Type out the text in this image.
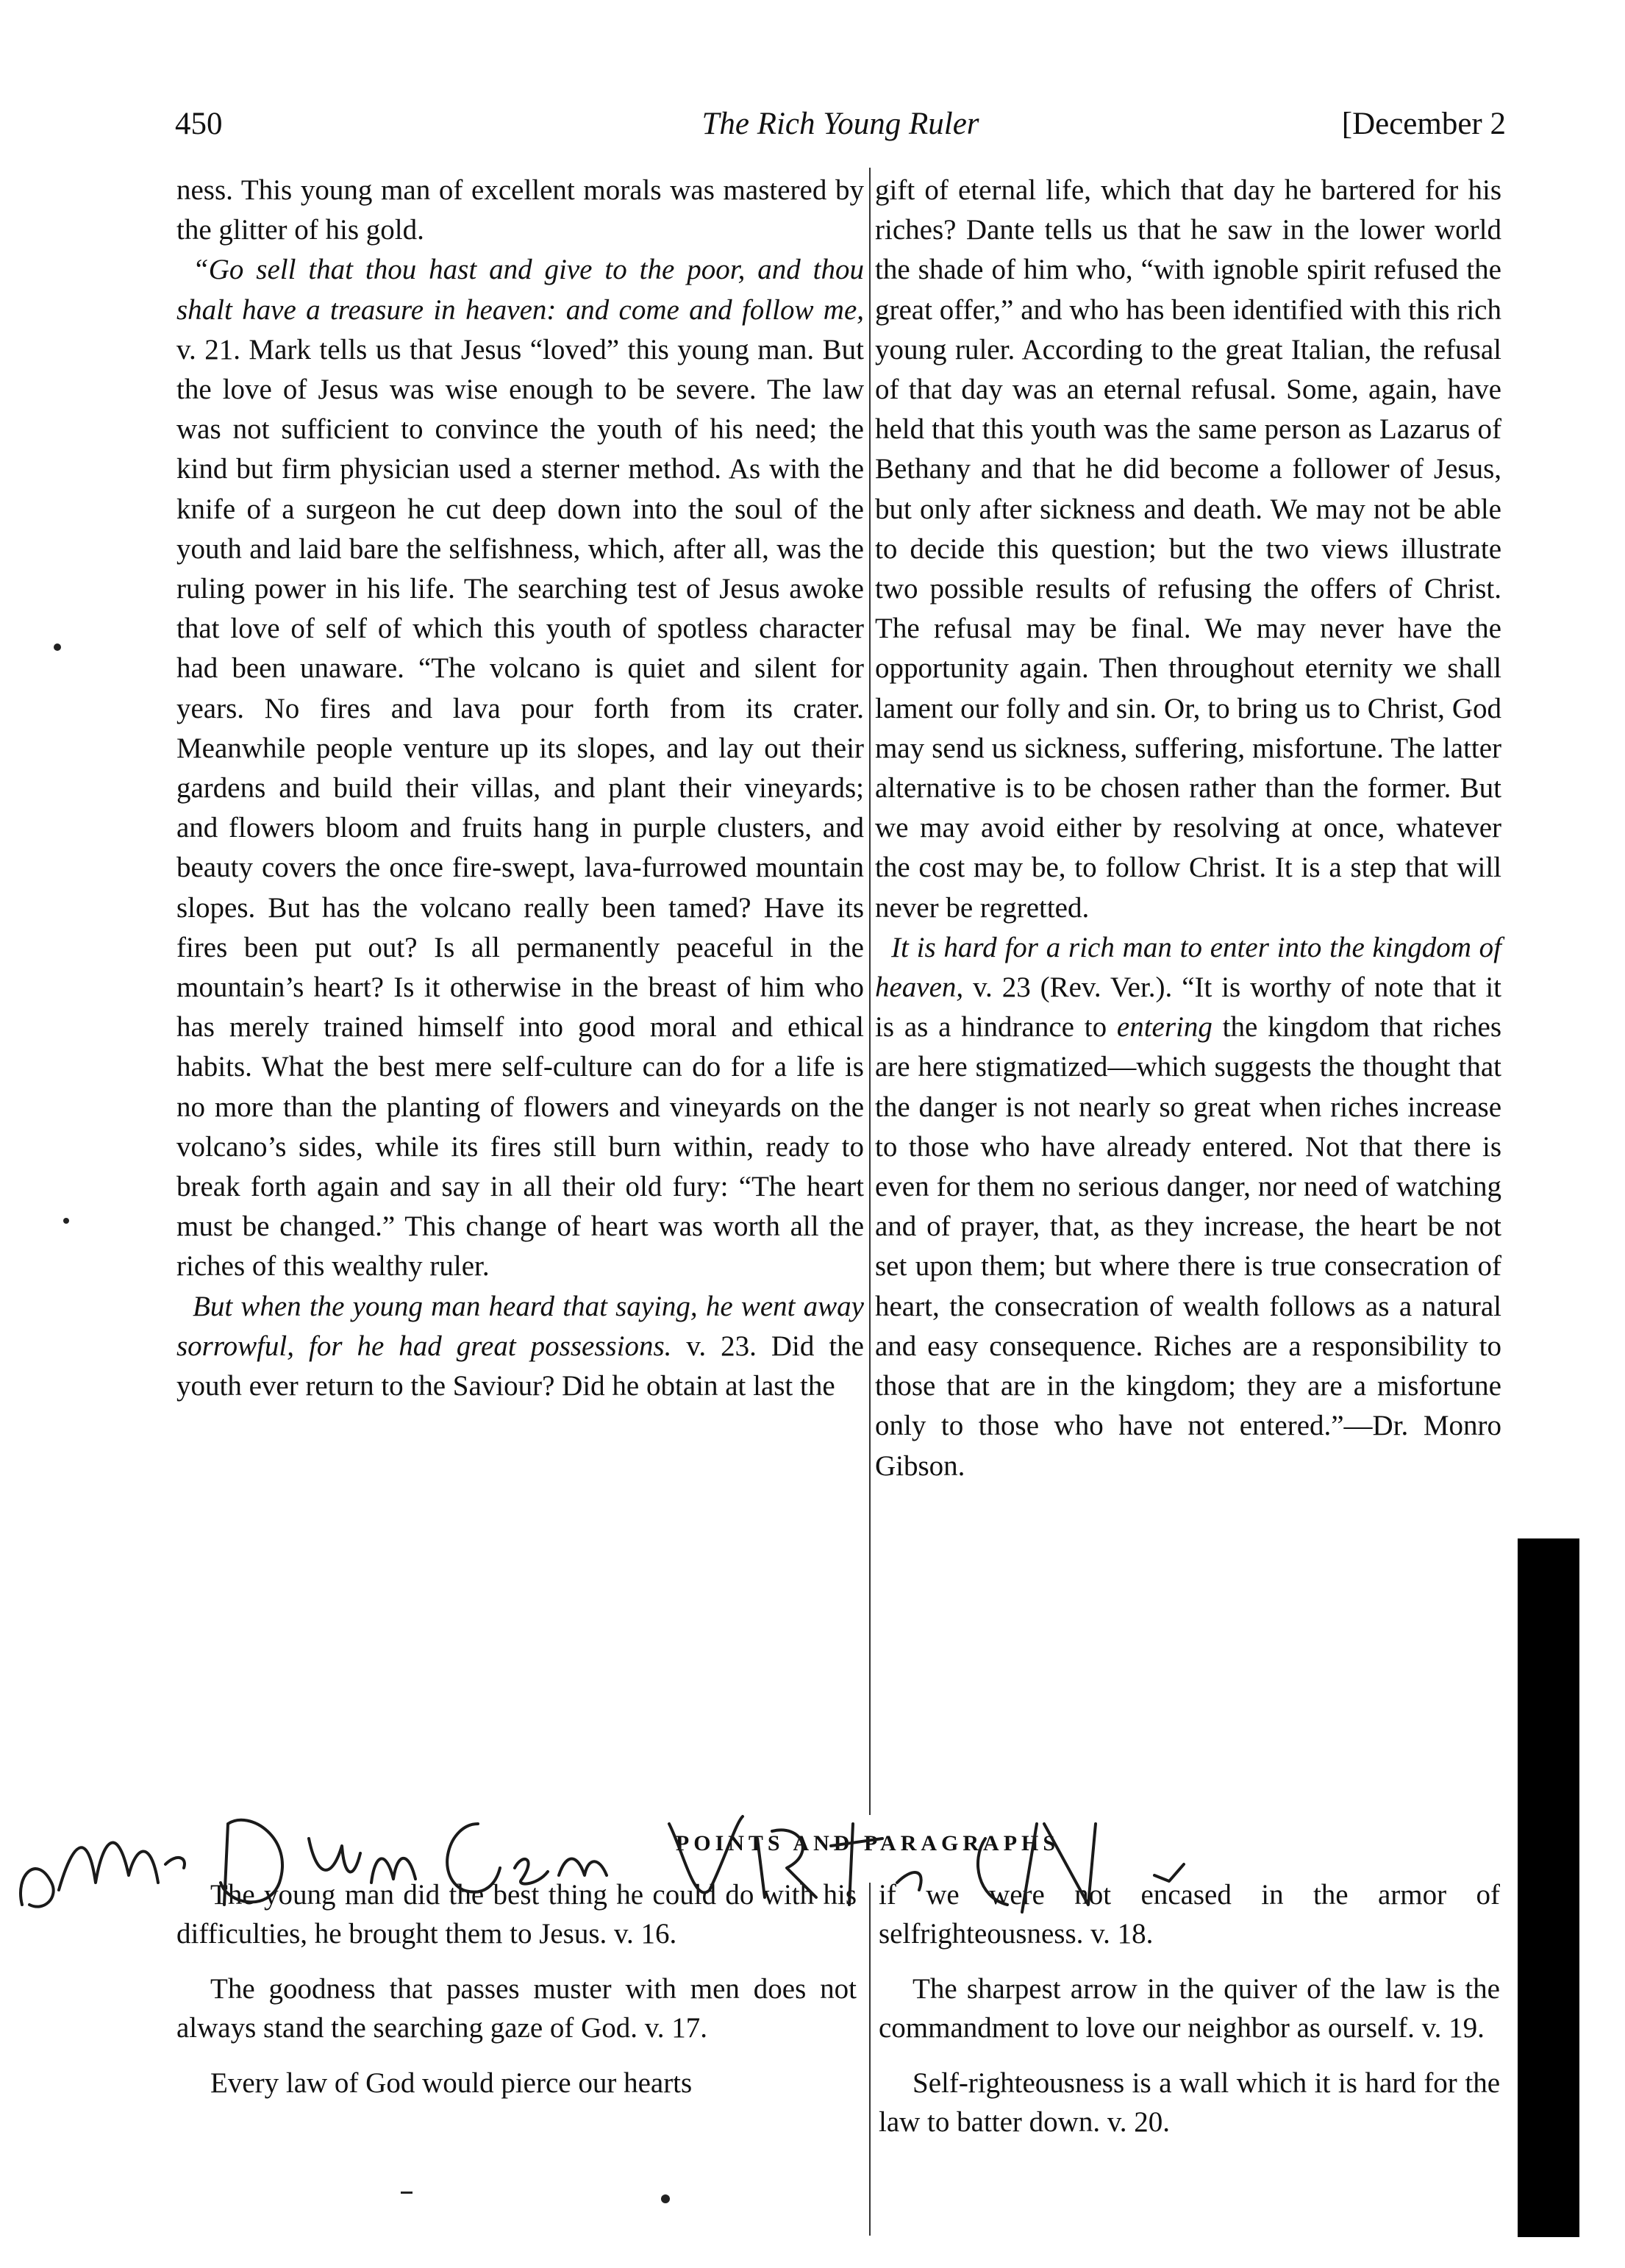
450	The Rich Young Ruler	[December 2

ness. This young man of excellent morals was mastered by the glitter of his gold.

“Go sell that thou hast and give to the poor, and thou shalt have a treasure in heaven: and come and follow me, v. 21. Mark tells us that Jesus “loved” this young man. But the love of Jesus was wise enough to be severe. The law was not sufficient to convince the youth of his need; the kind but firm physician used a sterner method. As with the knife of a surgeon he cut deep down into the soul of the youth and laid bare the selfishness, which, after all, was the ruling power in his life. The searching test of Jesus awoke that love of self of which this youth of spotless character had been unaware. “The volcano is quiet and silent for years. No fires and lava pour forth from its crater. Meanwhile people venture up its slopes, and lay out their gardens and build their villas, and plant their vineyards; and flowers bloom and fruits hang in purple clusters, and beauty covers the once fire-swept, lava-furrowed mountain slopes. But has the volcano really been tamed? Have its fires been put out? Is all permanently peaceful in the mountain’s heart? Is it otherwise in the breast of him who has merely trained himself into good moral and ethical habits. What the best mere self-culture can do for a life is no more than the planting of flowers and vineyards on the volcano’s sides, while its fires still burn within, ready to break forth again and say in all their old fury: “The heart must be changed.” This change of heart was worth all the riches of this wealthy ruler.

But when the young man heard that saying, he went away sorrowful, for he had great possessions. v. 23. Did the youth ever return to the Saviour? Did he obtain at last the

gift of eternal life, which that day he bartered for his riches? Dante tells us that he saw in the lower world the shade of him who, “with ignoble spirit refused the great offer,” and who has been identified with this rich young ruler. According to the great Italian, the refusal of that day was an eternal refusal. Some, again, have held that this youth was the same person as Lazarus of Bethany and that he did become a follower of Jesus, but only after sickness and death. We may not be able to decide this question; but the two views illustrate two possible results of refusing the offers of Christ. The refusal may be final. We may never have the opportunity again. Then throughout eternity we shall lament our folly and sin. Or, to bring us to Christ, God may send us sickness, suffering, misfortune. The latter alternative is to be chosen rather than the former. But we may avoid either by resolving at once, whatever the cost may be, to follow Christ. It is a step that will never be regretted.

It is hard for a rich man to enter into the kingdom of heaven, v. 23 (Rev. Ver.). “It is worthy of note that it is as a hindrance to entering the kingdom that riches are here stigmatized—which suggests the thought that the danger is not nearly so great when riches increase to those who have already entered. Not that there is even for them no serious danger, nor need of watching and of prayer, that, as they increase, the heart be not set upon them; but where there is true consecration of heart, the consecration of wealth follows as a natural and easy consequence. Riches are a responsibility to those that are in the kingdom; they are a misfortune only to those who have not entered.”—Dr. Monro Gibson.

POINTS AND PARAGRAPHS

The young man did the best thing he could do with his difficulties, he brought them to Jesus. v. 16.

The goodness that passes muster with men does not always stand the searching gaze of God. v. 17.

Every law of God would pierce our hearts

if we were not encased in the armor of selfrighteousness. v. 18.

The sharpest arrow in the quiver of the law is the commandment to love our neighbor as ourself. v. 19.

Self-righteousness is a wall which it is hard for the law to batter down. v. 20.
